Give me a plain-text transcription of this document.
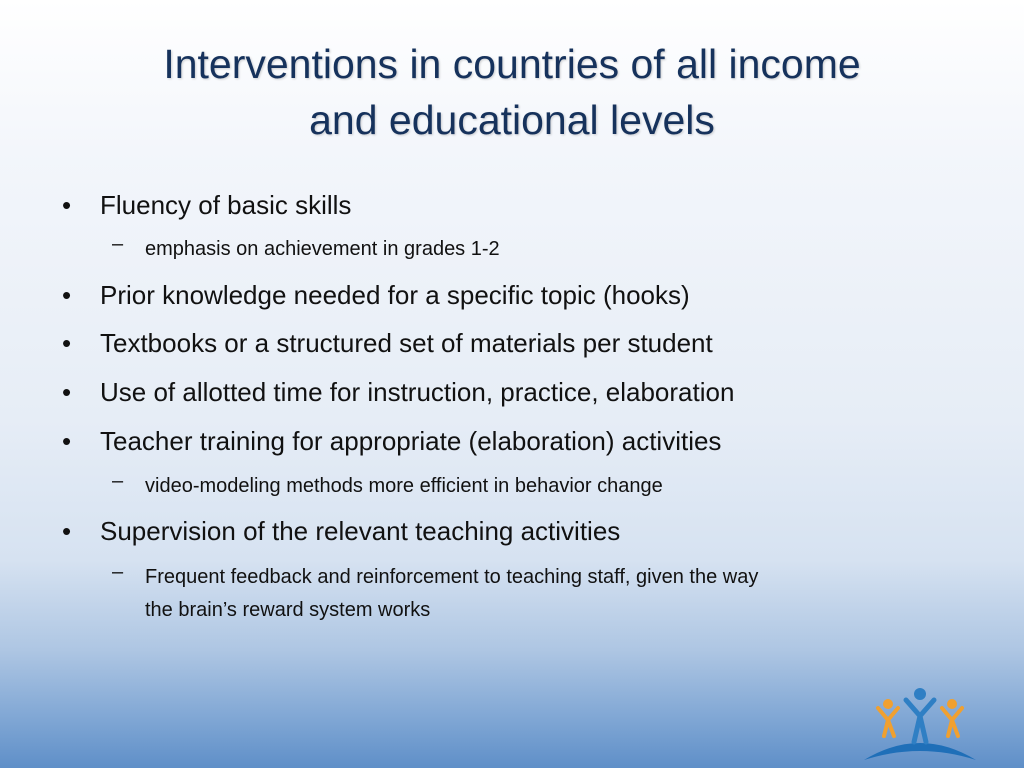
Interventions in countries of all income
and educational levels
• Fluency of basic skills
– emphasis on achievement in grades 1-2
• Prior knowledge needed for a specific topic (hooks)
• Textbooks or a structured set of materials per student
• Use of allotted time for instruction, practice, elaboration
• Teacher training for appropriate (elaboration) activities
– video-modeling methods more efficient in behavior change
• Supervision of the relevant teaching activities
– Frequent feedback and reinforcement to teaching staff, given the way
the brain’s reward system works
